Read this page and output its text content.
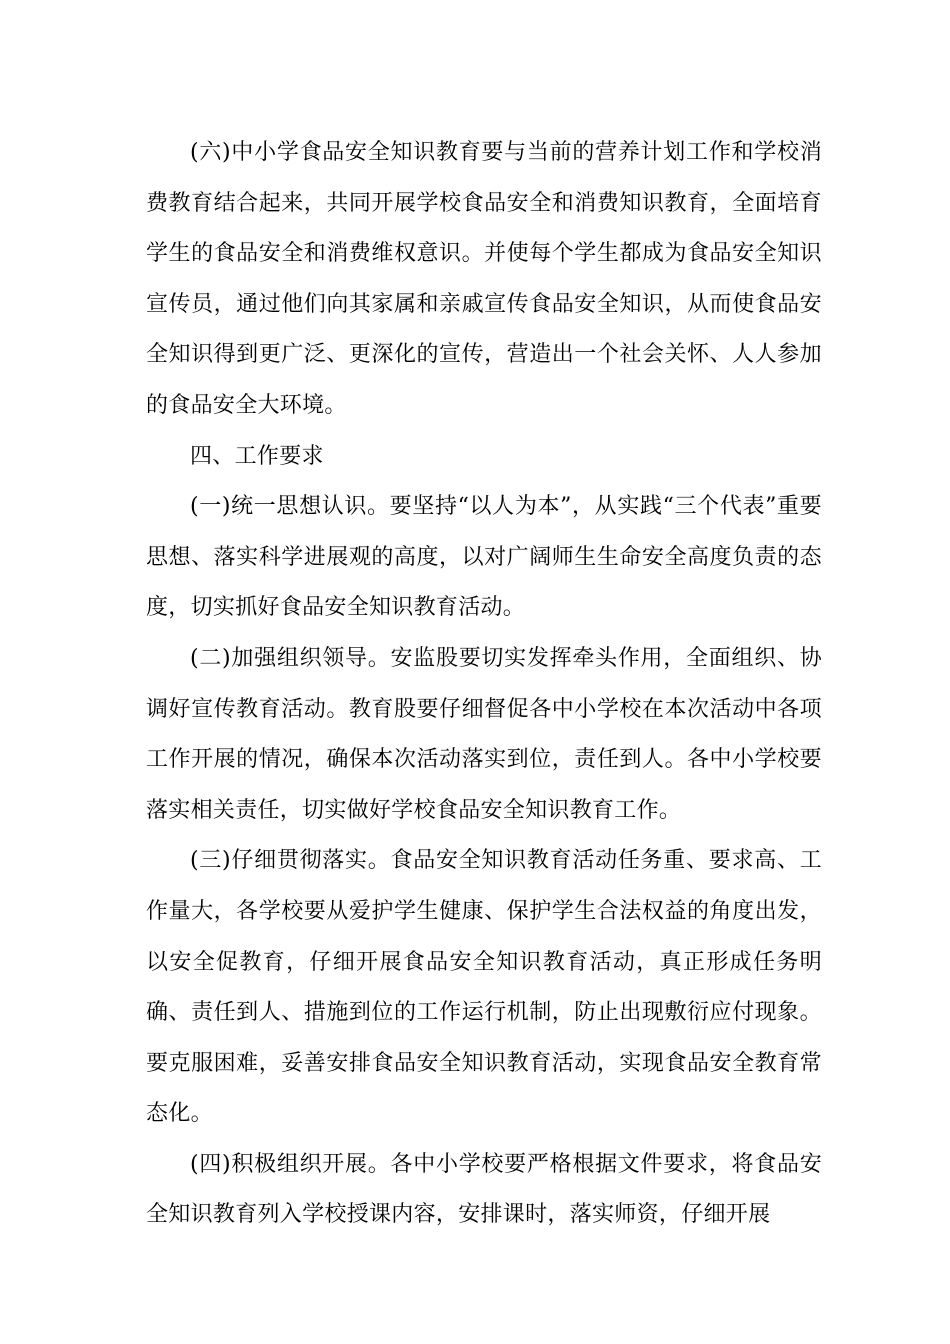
(六)中小学食品安全知识教育要与当前的营养计划工作和学校消费教育结合起来，共同开展学校食品安全和消费知识教育，全面培育学生的食品安全和消费维权意识。并使每个学生都成为食品安全知识宣传员，通过他们向其家属和亲戚宣传食品安全知识，从而使食品安全知识得到更广泛、更深化的宣传，营造出一个社会关怀、人人参加的食品安全大环境。

四、工作要求

(一)统一思想认识。要坚持“以人为本”，从实践“三个代表”重要思想、落实科学进展观的高度，以对广阔师生生命安全高度负责的态度，切实抓好食品安全知识教育活动。

(二)加强组织领导。安监股要切实发挥牵头作用，全面组织、协调好宣传教育活动。教育股要仔细督促各中小学校在本次活动中各项工作开展的情况，确保本次活动落实到位，责任到人。各中小学校要落实相关责任，切实做好学校食品安全知识教育工作。

(三)仔细贯彻落实。食品安全知识教育活动任务重、要求高、工作量大，各学校要从爱护学生健康、保护学生合法权益的角度出发，以安全促教育，仔细开展食品安全知识教育活动，真正形成任务明确、责任到人、措施到位的工作运行机制，防止出现敷衍应付现象。要克服困难，妥善安排食品安全知识教育活动，实现食品安全教育常态化。

(四)积极组织开展。各中小学校要严格根据文件要求，将食品安全知识教育列入学校授课内容，安排课时，落实师资，仔细开展
